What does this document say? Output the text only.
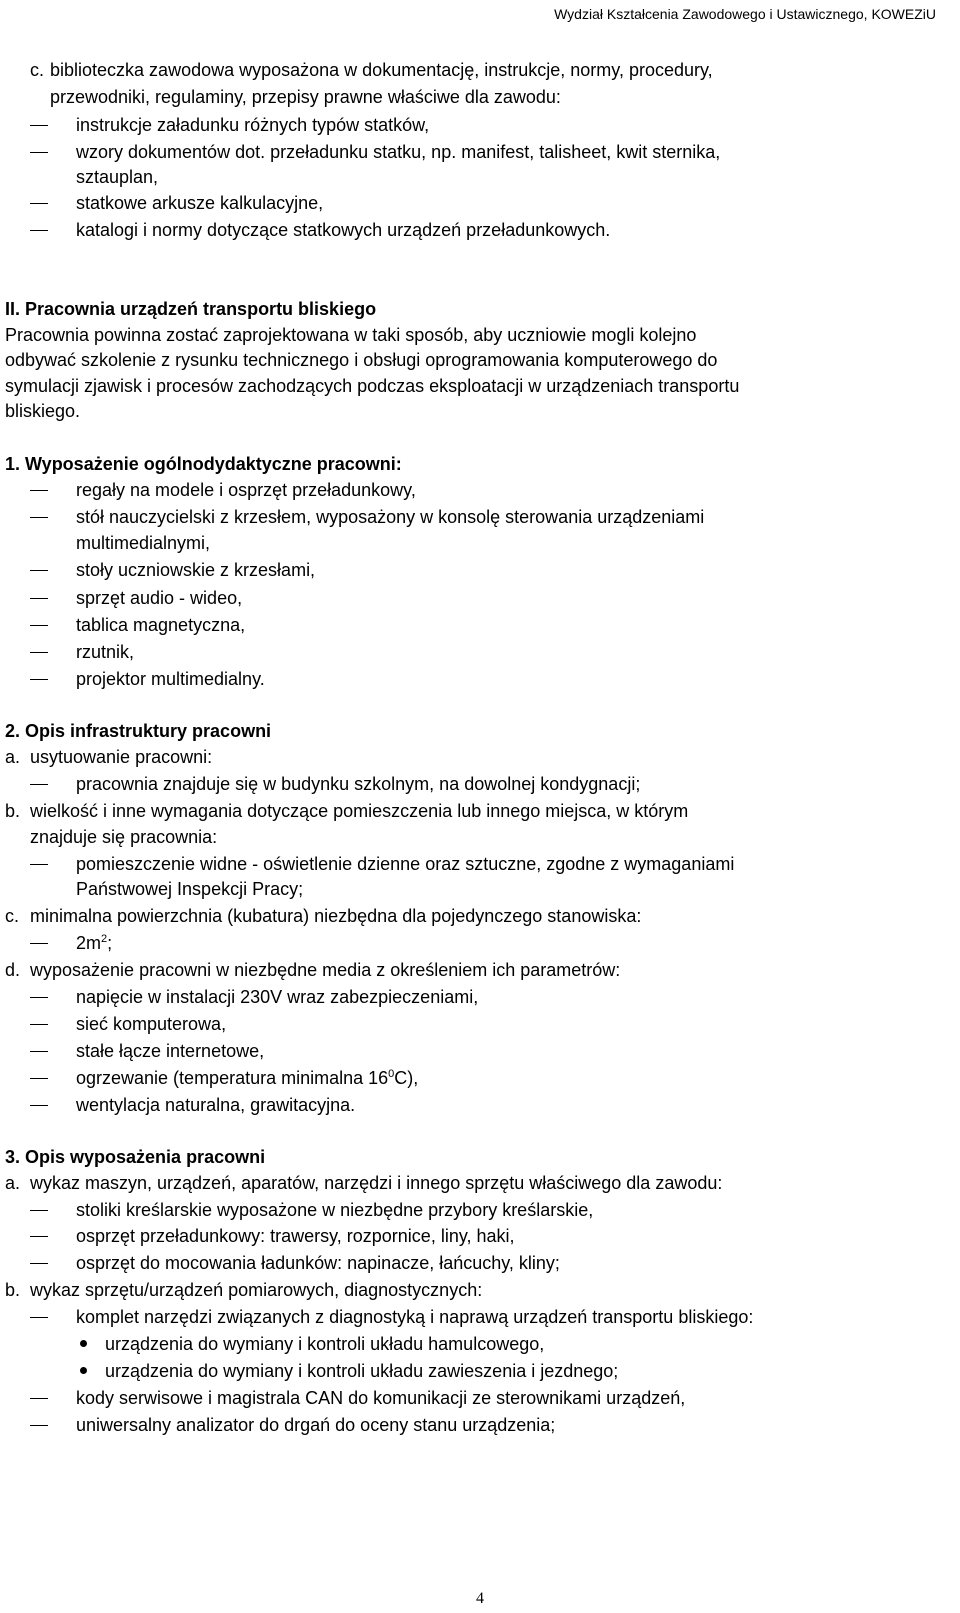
Wydział Kształcenia Zawodowego i Ustawicznego, KOWEZiU
c. biblioteczka zawodowa wyposażona w dokumentację, instrukcje, normy, procedury,
przewodniki, regulaminy, przepisy prawne właściwe dla zawodu:
instrukcje załadunku różnych typów statków,
wzory dokumentów dot. przeładunku statku, np. manifest, talisheet, kwit sternika,
sztauplan,
statkowe arkusze kalkulacyjne,
katalogi i normy dotyczące statkowych urządzeń przeładunkowych.
II. Pracownia urządzeń transportu bliskiego
Pracownia powinna zostać zaprojektowana w taki sposób, aby uczniowie mogli kolejno
odbywać szkolenie z rysunku technicznego i obsługi oprogramowania komputerowego do
symulacji zjawisk i procesów zachodzących podczas eksploatacji w urządzeniach transportu
bliskiego.
1. Wyposażenie ogólnodydaktyczne pracowni:
regały na modele i osprzęt przeładunkowy,
stół nauczycielski z krzesłem, wyposażony w konsolę sterowania urządzeniami
multimedialnymi,
stoły uczniowskie z krzesłami,
sprzęt audio - wideo,
tablica magnetyczna,
rzutnik,
projektor multimedialny.
2. Opis infrastruktury pracowni
a. usytuowanie pracowni:
pracownia znajduje się w budynku szkolnym, na dowolnej kondygnacji;
b. wielkość i inne wymagania dotyczące pomieszczenia lub innego miejsca, w którym
znajduje się pracownia:
pomieszczenie widne - oświetlenie dzienne oraz sztuczne, zgodne z wymaganiami
Państwowej Inspekcji Pracy;
c. minimalna powierzchnia (kubatura) niezbędna dla pojedynczego stanowiska:
$2m^2$;
d. wyposażenie pracowni w niezbędne media z określeniem ich parametrów:
napięcie w instalacji 230V wraz zabezpieczeniami,
sieć komputerowa,
stałe łącze internetowe,
ogrzewanie (temperatura minimalna $16^0C$),
wentylacja naturalna, grawitacyjna.
3. Opis wyposażenia pracowni
a. wykaz maszyn, urządzeń, aparatów, narzędzi i innego sprzętu właściwego dla zawodu:
stoliki kreślarskie wyposażone w niezbędne przybory kreślarskie,
osprzęt przeładunkowy: trawersy, rozpornice, liny, haki,
osprzęt do mocowania ładunków: napinacze, łańcuchy, kliny;
b. wykaz sprzętu/urządzeń pomiarowych, diagnostycznych:
komplet narzędzi związanych z diagnostyką i naprawą urządzeń transportu bliskiego:
urządzenia do wymiany i kontroli układu hamulcowego,
urządzenia do wymiany i kontroli układu zawieszenia i jezdnego;
kody serwisowe i magistrala CAN do komunikacji ze sterownikami urządzeń,
uniwersalny analizator do drgań do oceny stanu urządzenia;
4
